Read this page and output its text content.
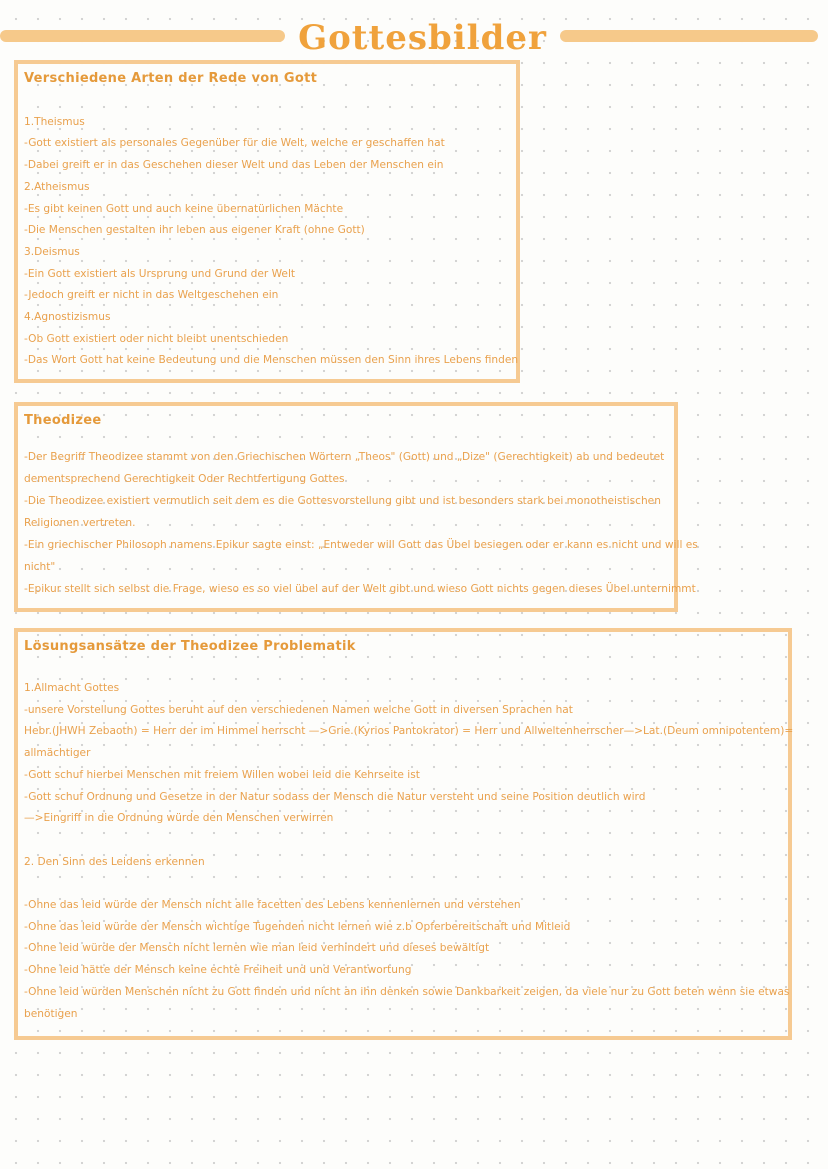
Gottesbilder
Verschiedene Arten der Rede von Gott
1.Theismus
-Gott existiert als personales Gegenüber für die Welt, welche er geschaffen hat
-Dabei greift er in das Geschehen dieser Welt und das Leben der Menschen ein
2.Atheismus
-Es gibt keinen Gott und auch keine übernatürlichen Mächte
-Die Menschen gestalten ihr leben aus eigener Kraft (ohne Gott)
3.Deismus
-Ein Gott existiert als Ursprung und Grund der Welt
-Jedoch greift er nicht in das Weltgeschehen ein
4.Agnostizismus
-Ob Gott existiert oder nicht bleibt unentschieden
-Das Wort Gott hat keine Bedeutung und die Menschen müssen den Sinn ihres Lebens finden
Theodizee
-Der Begriff Theodizee stammt von den Griechischen Wörtern „Theos" (Gott) und „Dize" (Gerechtigkeit) ab und bedeutet
dementsprechend Gerechtigkeit Oder Rechtfertigung Gottes
-Die Theodizee existiert vermutlich seit dem es die Gottesvorstellung gibt und ist besonders stark bei monotheistischen
Religionen vertreten.
-Ein griechischer Philosoph namens Epikur sagte einst: „Entweder will Gott das Übel besiegen oder er kann es nicht und will es
nicht"
-Epikur stellt sich selbst die Frage, wieso es so viel übel auf der Welt gibt und wieso Gott nichts gegen dieses Übel unternimmt
Lösungsansätze der Theodizee Problematik
1.Allmacht Gottes
-unsere Vorstellung Gottes beruht auf den verschiedenen Namen welche Gott in diversen Sprachen hat
Hebr.(JHWH Zebaoth) = Herr der im Himmel herrscht —>Grie.(Kyrios Pantokrator) = Herr und Allweltenherrscher—>Lat.(Deum omnipotentem)=
allmächtiger
-Gott schuf hierbei Menschen mit freiem Willen wobei leid die Kehrseite ist
-Gott schuf Ordnung und Gesetze in der Natur sodass der Mensch die Natur versteht und seine Position deutlich wird
—>Eingriff in die Ordnung würde den Menschen verwirren

2. Den Sinn des Leidens erkennen

-Ohne das leid würde der Mensch nicht alle facetten des Lebens kennenlernen und verstehen
-Ohne das leid würde der Mensch wichtige Tugenden nicht lernen wie z.b Opferbereitschaft und Mitleid
-Ohne leid würde der Mensch nicht lernen wie man leid verhindert und dieses bewältigt
-Ohne leid hätte der Mensch keine echte Freiheit und und Verantwortung
-Ohne leid würden Menschen nicht zu Gott finden und nicht an ihn denken sowie Dankbarkeit zeigen, da viele nur zu Gott beten wenn sie etwas
benötigen
